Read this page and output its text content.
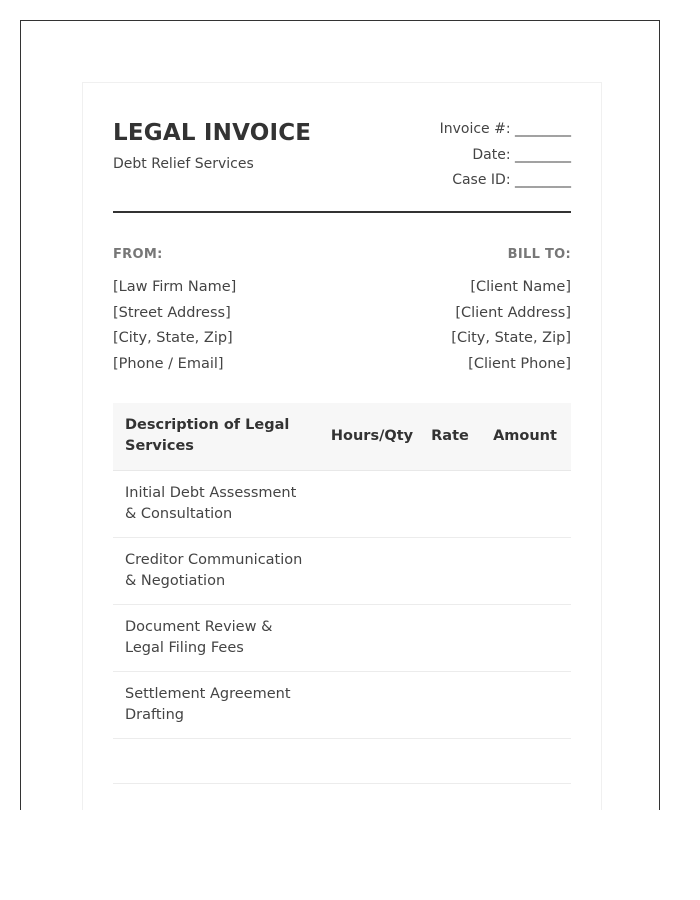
LEGAL INVOICE
Debt Relief Services
Invoice #: ________
Date: ________
Case ID: ________
FROM:
[Law Firm Name]
[Street Address]
[City, State, Zip]
[Phone / Email]
BILL TO:
[Client Name]
[Client Address]
[City, State, Zip]
[Client Phone]
Description of Legal Services	Hours/Qty	Rate	Amount
Initial Debt Assessment & Consultation			
Creditor Communication & Negotiation			
Document Review & Legal Filing Fees			
Settlement Agreement Drafting			
